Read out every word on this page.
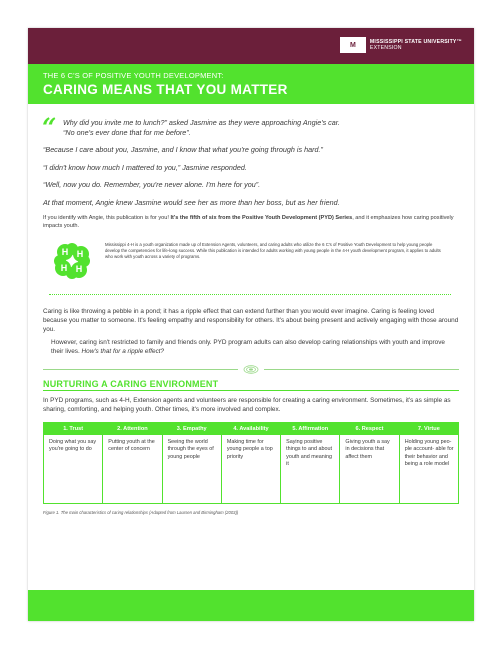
M	MISSISSIPPI STATE UNIVERSITY™
EXTENSION
THE 6 C'S OF POSITIVE YOUTH DEVELOPMENT:
CARING MEANS THAT YOU MATTER
“ Why did you invite me to lunch?” asked Jasmine as they were approaching Angie's car.
“No one's ever done that for me before”.
“Because I care about you, Jasmine, and I know that what you're going through is hard.”
“I didn't know how much I mattered to you,” Jasmine responded.
“Well, now you do. Remember, you're never alone. I'm here for you”.
At that moment, Angie knew Jasmine would see her as more than her boss, but as her friend.
If you identify with Angie, this publication is for you! It's the fifth of six from the Positive Youth Development (PYD) Series, and it emphasizes how caring positively impacts youth.
H H
H
H
Mississippi 4-H is a youth organization made up of Extension Agents, volunteers, and caring adults who utilize the 6 C's of Positive Youth Development to help young people develop the competencies for life-long success. While this publication is intended for adults working with young people in the 4-H youth development program, it applies to adults who work with youth across a variety of programs.
Caring is like throwing a pebble in a pond; it has a ripple effect that can extend further than you would ever imagine. Caring is feeling loved because you matter to someone. It's feeling empathy and responsibility for others. It's about being present and actively engaging with those around you.
However, caring isn't restricted to family and friends only. PYD program adults can also develop caring relationships with youth and improve their lives. How's that for a ripple effect?
NURTURING A CARING ENVIRONMENT
In PYD programs, such as 4-H, Extension agents and volunteers are responsible for creating a caring environment. Sometimes, it's as simple as sharing, comforting, and helping youth. Other times, it's more involved and complex.
1. Trust
Doing what you say you're going to do
2. Attention
Putting youth at the center of concern
3. Empathy
Seeing the world through the eyes of young people
4. Availability
Making time for young people a top priority
5. Affirmation
Saying positive things to and about youth and meaning it
6. Respect
Giving youth a say in decisions that affect them
7. Virtue
Holding young peo- ple account- able for their behavior and being a role model
Figure 1. The main characteristics of caring relationships (Adapted from Laursen and Birmingham (2003))
